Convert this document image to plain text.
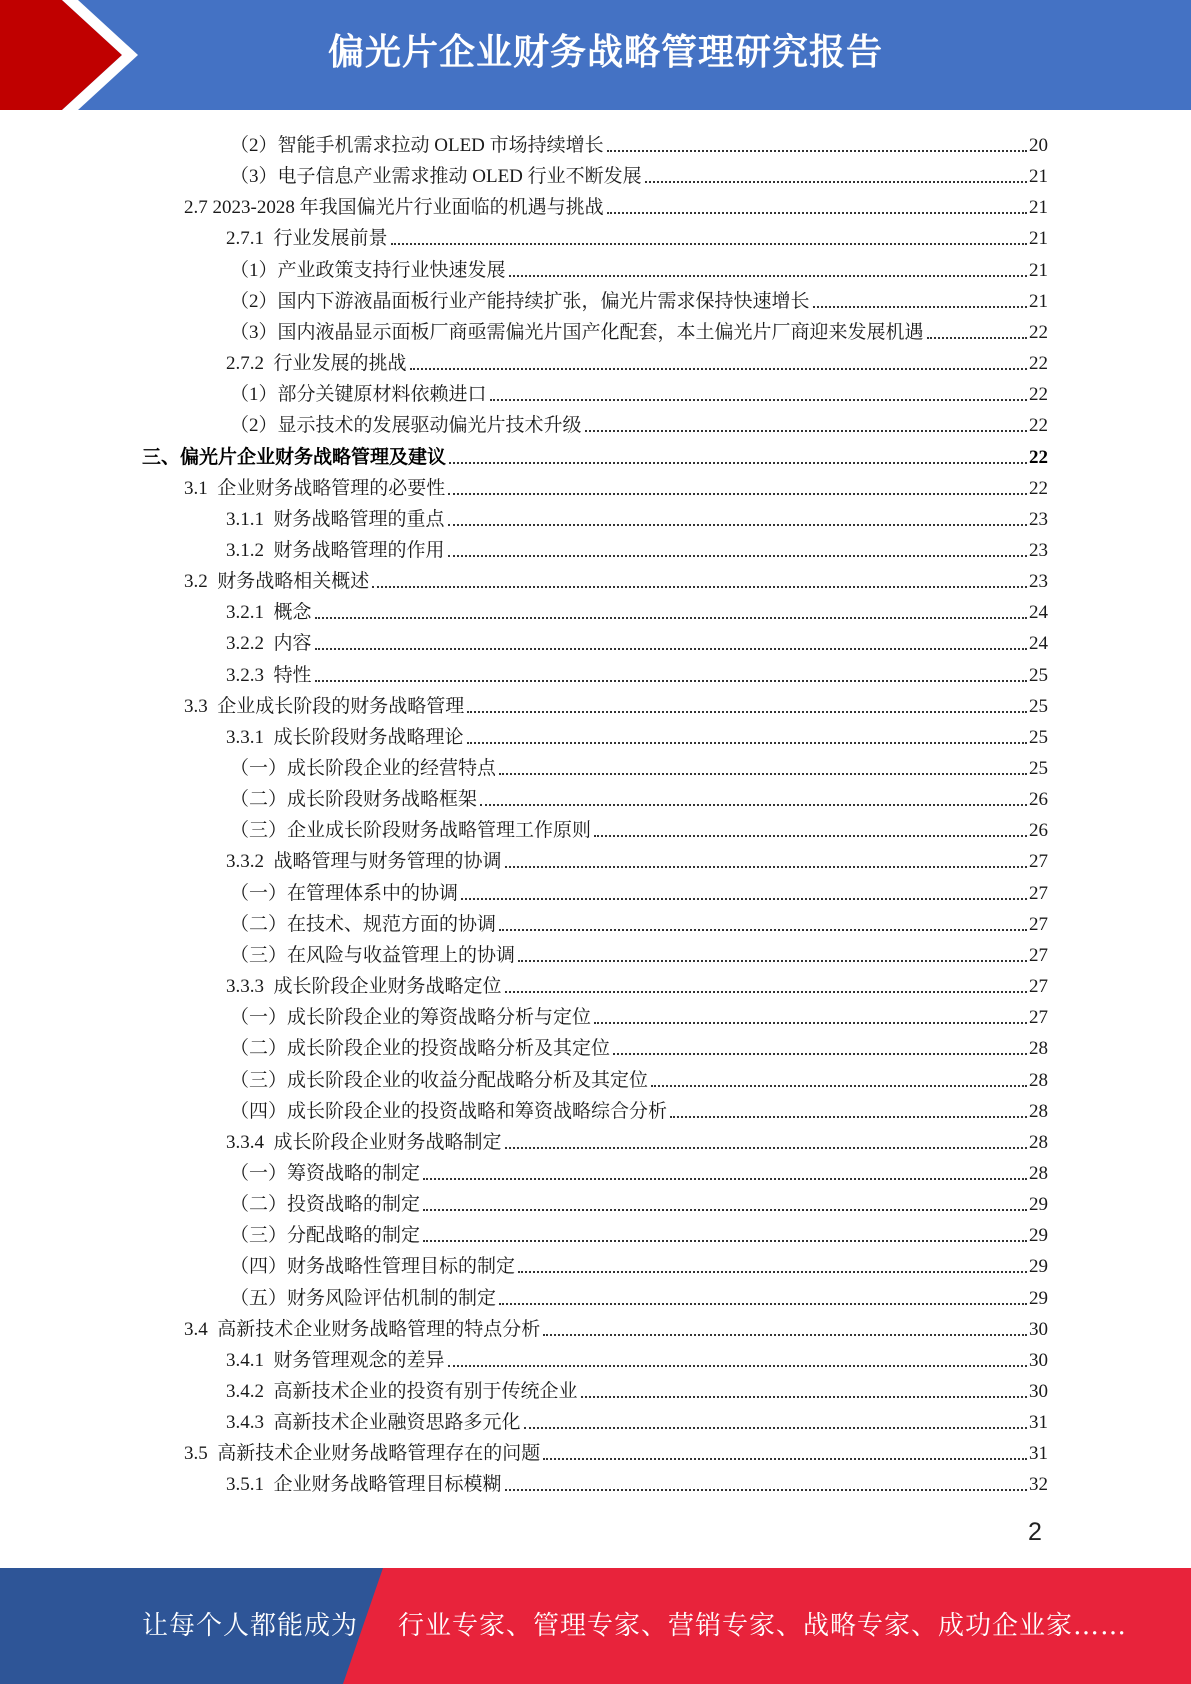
偏光片企业财务战略管理研究报告
（2）智能手机需求拉动 OLED 市场持续增长	20
（3）电子信息产业需求推动 OLED 行业不断发展	21
2.7 2023-2028 年我国偏光片行业面临的机遇与挑战	21
2.7.1  行业发展前景	21
（1）产业政策支持行业快速发展	21
（2）国内下游液晶面板行业产能持续扩张，偏光片需求保持快速增长	21
（3）国内液晶显示面板厂商亟需偏光片国产化配套，本土偏光片厂商迎来发展机遇	22
2.7.2  行业发展的挑战	22
（1）部分关键原材料依赖进口	22
（2）显示技术的发展驱动偏光片技术升级	22
三、偏光片企业财务战略管理及建议	22
3.1  企业财务战略管理的必要性	22
3.1.1  财务战略管理的重点	23
3.1.2  财务战略管理的作用	23
3.2  财务战略相关概述	23
3.2.1  概念	24
3.2.2  内容	24
3.2.3  特性	25
3.3  企业成长阶段的财务战略管理	25
3.3.1  成长阶段财务战略理论	25
（一）成长阶段企业的经营特点	25
（二）成长阶段财务战略框架	26
（三）企业成长阶段财务战略管理工作原则	26
3.3.2  战略管理与财务管理的协调	27
（一）在管理体系中的协调	27
（二）在技术、规范方面的协调	27
（三）在风险与收益管理上的协调	27
3.3.3  成长阶段企业财务战略定位	27
（一）成长阶段企业的筹资战略分析与定位	27
（二）成长阶段企业的投资战略分析及其定位	28
（三）成长阶段企业的收益分配战略分析及其定位	28
（四）成长阶段企业的投资战略和筹资战略综合分析	28
3.3.4  成长阶段企业财务战略制定	28
（一）筹资战略的制定	28
（二）投资战略的制定	29
（三）分配战略的制定	29
（四）财务战略性管理目标的制定	29
（五）财务风险评估机制的制定	29
3.4  高新技术企业财务战略管理的特点分析	30
3.4.1  财务管理观念的差异	30
3.4.2  高新技术企业的投资有别于传统企业	30
3.4.3  高新技术企业融资思路多元化	31
3.5  高新技术企业财务战略管理存在的问题	31
3.5.1  企业财务战略管理目标模糊	32
2
让每个人都能成为 行业专家、管理专家、营销专家、战略专家、成功企业家……
